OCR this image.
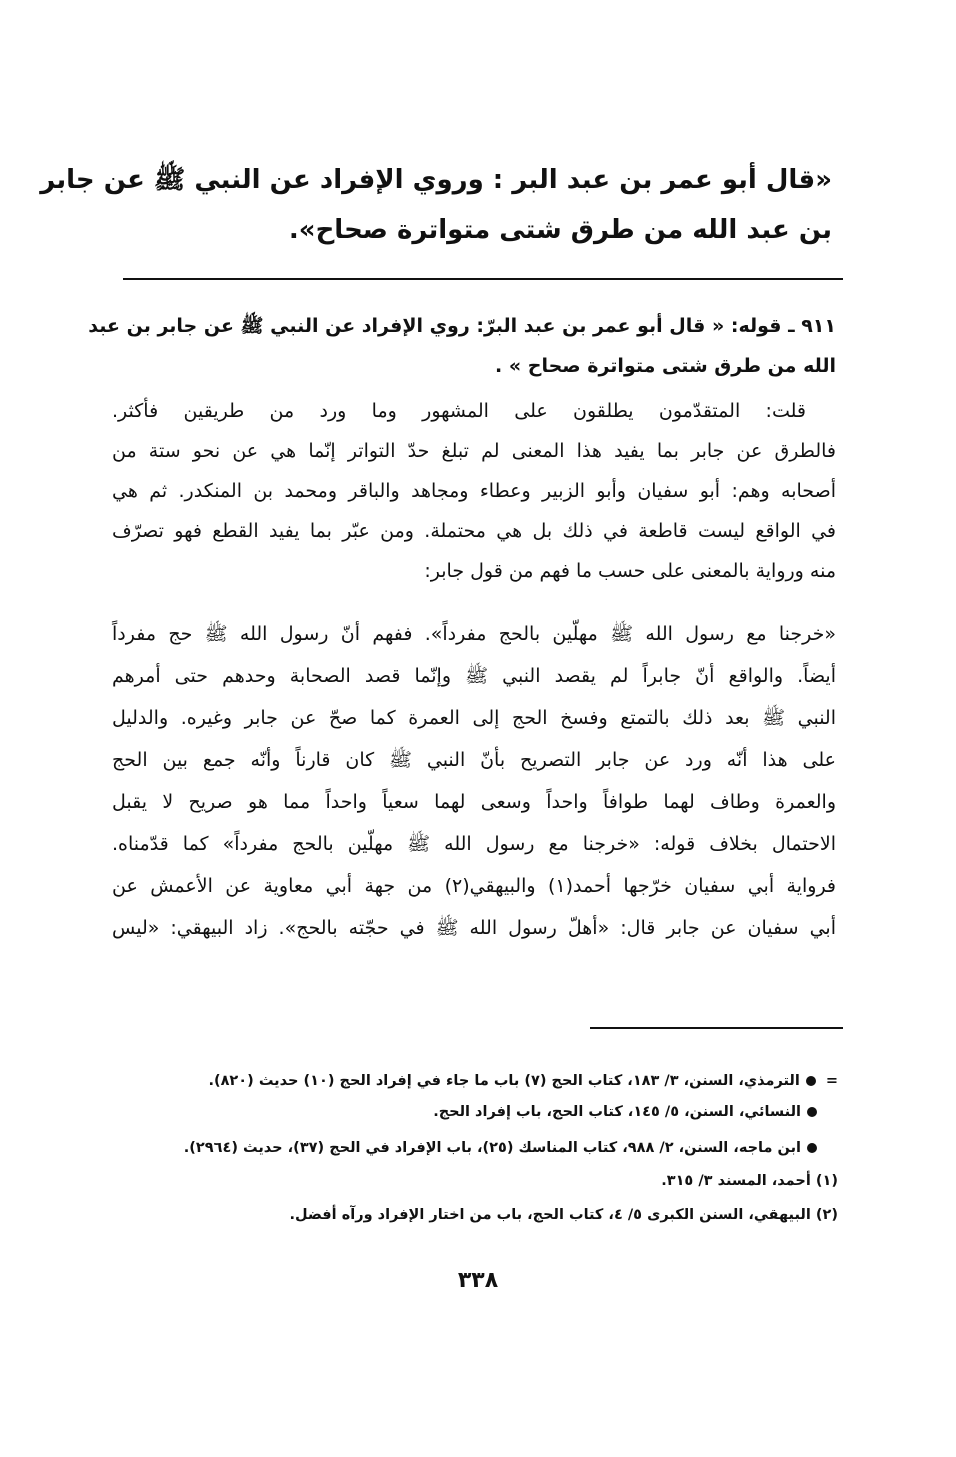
«قال أبو عمر بن عبد البر : وروي الإفراد عن النبي ﷺ عن جابر
بن عبد الله من طرق شتى متواترة صحاح».
٩١١ ـ قوله: « قال أبو عمر بن عبد البرّ: روي الإفراد عن النبي ﷺ عن جابر بن عبد
الله من طرق شتى متواترة صحاح » .
قلت: المتقدّمون يطلقون على المشهور وما ورد من طريقين فأكثر.
فالطرق عن جابر بما يفيد هذا المعنى لم تبلغ حدّ التواتر إنّما هي عن نحو ستة من
أصحابه وهم: أبو سفيان وأبو الزبير وعطاء ومجاهد والباقر ومحمد بن المنكدر. ثم هي
في الواقع ليست قاطعة في ذلك بل هي محتملة. ومن عبّر بما يفيد القطع فهو تصرّف
منه ورواية بالمعنى على حسب ما فهم من قول جابر:
«خرجنا مع رسول الله ﷺ مهلّين بالحج مفرداً». ففهم أنّ رسول الله ﷺ حج مفرداً
أيضاً. والواقع أنّ جابراً لم يقصد النبي ﷺ وإنّما قصد الصحابة وحدهم حتى أمرهم
النبي ﷺ بعد ذلك بالتمتع وفسخ الحج إلى العمرة كما صحّ عن جابر وغيره. والدليل
على هذا أنّه ورد عن جابر التصريح بأنّ النبي ﷺ كان قارناً وأنّه جمع بين الحج
والعمرة وطاف لهما طوافاً واحداً وسعى لهما سعياً واحداً مما هو صريح لا يقبل
الاحتمال بخلاف قوله: «خرجنا مع رسول الله ﷺ مهلّين بالحج مفرداً» كما قدّمناه.
فرواية أبي سفيان خرّجها أحمد(١) والبيهقي(٢) من جهة أبي معاوية عن الأعمش عن
أبي سفيان عن جابر قال: «أهلّ رسول الله ﷺ في حجّته بالحج». زاد البيهقي: «ليس
=الترمذي، السنن، ٣/ ١٨٣، كتاب الحج (٧) باب ما جاء في إفراد الحج (١٠) حديث (٨٢٠).
النسائي، السنن، ٥/ ١٤٥، كتاب الحج، باب إفراد الحج.
ابن ماجه، السنن، ٢/ ٩٨٨، كتاب المناسك (٢٥)، باب الإفراد في الحج (٣٧)، حديث (٢٩٦٤).
(١) أحمد، المسند ٣/ ٣١٥.
(٢) البيهقي، السنن الكبرى ٥/ ٤، كتاب الحج، باب من اختار الإفراد ورآه أفضل.
٣٣٨
